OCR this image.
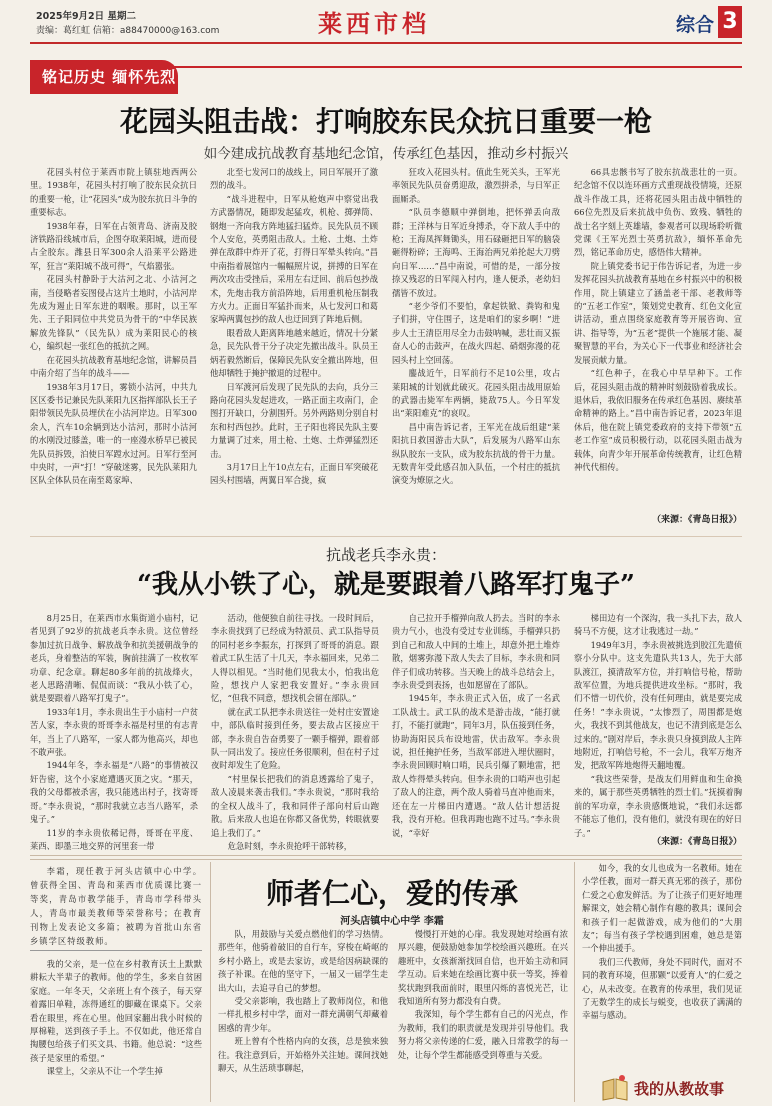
2025年9月2日 星期二
责编：葛红虹 信箱：a88470000@163.com	莱西市档	综合 3
铭记历史 缅怀先烈
花园头阻击战：打响胶东民众抗日重要一枪
如今建成抗战教育基地纪念馆，传承红色基因，推动乡村振兴

花园头村位于莱西市院上镇驻地西两公里。1938年，花园头村打响了胶东民众抗日的重要一枪，让“花园头”成为胶东抗日斗争的重要标志。

1938年春，日军在占领青岛、济南及胶济铁路沿线城市后，企图夺取莱阳城，进而侵占全胶东。潍县日军300余人沿莱平公路进军，狂言“莱阳城不战可得”，气焰嚣张。

花园头村静卧于大沽河之北、小沽河之南，当侵略者妄图侵占这片土地时，小沽河岸先成为遏止日军东进的咽喉。那时，以王军先、王子阳同位中共党员为骨干的“中华民族解放先锋队”（民先队）成为莱阳民心的核心，编织起一张红色的抵抗之网。

在花园头抗战教育基地纪念馆，讲解员昌中南介绍了当年的战斗——

1938年3月17日，雾锁小沽河，中共九区区委书记兼民先队莱阳九区指挥部队长王子阳带领民先队员埋伏在小沽河岸边。日军300余人，汽车10余辆到达小沽河，那时小沽河的水刚没过膝盖，唯一的一座漫水桥早已被民先队员拆毁，泊使日军蹚水过河。日军行至河中央时，一声“打！”穿破迷雾，民先队莱阳九区队全体队员在南至葛家埠、

北至七发河口的战线上，同日军展开了激烈的战斗。

“战斗进程中，日军从枪炮声中察觉出我方武器情况，随即发起猛攻，机枪、掷弹筒、钢炮一齐向我方阵地猛扫猛炸。民先队员不顾个人安危，英勇阻击敌人。土枪、土炮、土炸弹在敌群中炸开了花，打得日军晕头转向。”昌中南指着展馆内一幅幅照片说，拼搏的日军在两次攻击受挫后，采用左右迂回、前后包抄战术，先炮击我方前沿阵地，后用重机枪压制我方火力。正面日军猛扑而来，从七发河口和葛家埠两翼包抄的敌人也迂回到了阵地后侧。

眼看敌人距离阵地越来越近，情况十分紧急，民先队骨干分子决定先撤出战斗。队员王炳若毅然断后，保障民先队安全撤出阵地，但他却牺牲于掩护撤退的过程中。

日军渡河后发现了民先队的去向，兵分三路向花园头发起进攻，一路正面主攻南门，企图打开缺口，分割围歼。另外两路则分别自村东和村西包抄。此时，王子阳也将民先队主要力量调了过来，用土枪、土炮、土炸弹猛烈还击。

3月17日上午10点左右，正面日军突破花园头村围墙，两翼日军合拢，疯

狂攻入花园头村。值此生死关头，王军光率领民先队员奋勇迎敌，激烈拼杀，与日军正面厮杀。

“队员李德顺中弹倒地，把怀弹丢向敌群；王洋林与日军近身搏杀，夺下敌人手中的枪；王海凤挥舞锄头，用石碌砸把日军的脑袋砸得粉碎；王海鸣、王海治两兄弟抡起大刀劈向日军……”昌中南说，可惜的是，一部分按捺又残忍的日军闯入村内，逢人便杀，老幼妇孺皆不放过。

“老少爷们不要怕，拿起铁锨、粪钩和鬼子们拼，守住围子，这是咱们的家乡啊！”进步人士王清臣用尽全力击鼓呐喊，悲壮而又振奋人心的击鼓声，在战火四起、硝烟弥漫的花园头村上空回荡。

鏖战近午，日军前行不足10公里，攻占莱阳城的计划就此破灭。花园头阻击战用原始的武器击毙军车两辆，毙敌75人。今日军发出“莱阳难克”的哀叹。

昌中南告诉记者，王军光在战后组建“莱阳抗日救国游击大队”，后发展为八路军山东纵队胶东一支队，成为胶东抗战的骨干力量。无数青年受此感召加入队伍，一个村庄的抵抗演变为燎原之火。

66具忠骸书写了胶东抗战悲壮的一页。纪念馆不仅以连环画方式重现战役情境，还原战斗作战工具，还将花园头阻击战中牺牲的66位先烈及后来抗战中负伤、致残、牺牲的战士名字刻上英雄墙，参观者可以现场聆听微党课《王军光烈士英勇抗敌》，缅怀革命先烈，铭记革命历史，感悟伟大精神。

院上镇党委书记于伟告诉记者，为进一步发挥花园头抗战教育基地在乡村振兴中的积极作用，院上镇建立了涵盖老干部、老教师等的“五老工作室”，策划党史教育、红色文化宣讲活动，重点围绕家庭教育等开展咨询、宣讲、指导等，为“五老”提供一个施展才能、凝聚智慧的平台，为关心下一代事业和经济社会发展贡献力量。

“红色种子，在我心中早早种下。工作后，花园头阻击战的精神时刻鼓励着我成长。退休后，我依旧服务在传承红色基因、赓续革命精神的路上。”昌中南告诉记者，2023年退休后，他在院上镇党委政府的支持下带领“五老工作室”成员积极行动，以花园头阻击战为载体，向青少年开展革命传统教育，让红色精神代代相传。

（来源：《青岛日报》）
抗战老兵李永贵：
“我从小铁了心，就是要跟着八路军打鬼子”

8月25日，在莱西市水集街道小庙村，记者见到了92岁的抗战老兵李永贵。这位曾经参加过抗日战争、解放战争和抗美援朝战争的老兵，身着整洁的军装，胸前挂满了一枚枚军功章、纪念章。聊起80多年前的抗战烽火，老人思路清晰、侃侃而谈：“我从小铁了心，就是要跟着八路军打鬼子”。

1933年1月，李永贵出生于小庙村一户贫苦人家，李永贵的哥哥李永福是村里的有志青年，当上了八路军，一家人都为他高兴，却也不敢声张。

1944年冬，李永福是“八路”的事情被汉奸告密，这个小家庭遭遇灭顶之灾。“那天，我的父母都被杀害，我只能逃出村子，找寄哥哥。”李永贵说，“那时我就立志当八路军，杀鬼子。”

11岁的李永贵依稀记得，哥哥在平度、莱西、即墨三地交界的河里套一带

活动，他便独自前往寻找。一段时间后，李永贵找到了已经成为特派员、武工队指导员的同村老乡李振东，打探到了哥哥的消息。跟着武工队生活了十几天，李永福回来，兄弟二人得以相见。“当时他们见我太小，怕我出危险，想找户人家把我安置好。”李永贵回忆，“但我不同意，想找机会留在部队。”

就在武工队把李永贵送往一处村庄安置途中，部队临时接到任务，要去敌占区接应干部，李永贵自告奋勇要了一颗手榴弹，跟着部队一同出发了。接应任务很顺利，但在村子过夜时却发生了危险。

“村里保长把我们的消息透露给了鬼子，敌人凌晨来袭击我们。”李永贵说，“那时我给的全权人战斗了，我和同伴子部向村后山跑散。后来敌人也追在你都又备优势，转眼就要追上我们了。”

危急时刻，李永贵抢呼干部转移，

自己拉开手榴弹向敌人扔去。当时的李永贵力气小，也没有受过专业训练，手榴弹只扔到自己和敌人中间的土堆上，却意外把土堆炸散，烟雾弥漫下敌人失去了目标，李永贵和同伴子们成功转移。当天晚上的战斗总结会上，李永贵受到表扬，也如愿留在了部队。

1945年，李永贵正式入伍，成了一名武工队战士。武工队的战术是游击战，“能打就打，不能打就跑”，同年3月，队伍接到任务，协助海阳民兵布设地雷，伏击敌军。李永贵说，担任掩护任务，当敌军部进入埋伏圈时，李永贵回顾时响口哨，民兵引爆了颗地雷，把敌人炸得晕头转向。但李永贵的口哨声也引起了敌人的注意，两个敌人骑着马直冲他而来，还在左一片梯田内遭遇。“敌人估计想活捉我，没有开枪。但我再跑也跑不过马。”李永贵说，“幸好

梯田边有一个深沟，我一头扎下去，敌人骑马不方便，这才让我逃过一劫。”

1949年3月，李永贵被挑选到胶江先遣侦察小分队中。这支先遣队共13人，先于大部队渡江，摸清敌军方位，并打响信号枪，帮助敌军位置，为地兵提供进攻坐标。“那时，我们不惜一切代价，没有任何理由，就是要完成任务！”李永贵说，“太惨烈了，周围都是炮火，我找不到其他战友，也记不清到底是怎么过来的。”剧对岸后，李永贵只身摸到敌人主阵地附近，打响信号枪，不一会儿，我军万炮齐发，把敌军阵地炮得天翻地覆。

“我这些荣誉，是战友们用鲜血和生命换来的，属于那些英勇牺牲的烈士们。”抚摸着胸前的军功章，李永贵感慨地说，“我们永远都不能忘了他们，没有他们，就没有现在的好日子。”

（来源：《青岛日报》）

李霜，现任教于河头店镇中心中学。曾获得全国、青岛和莱西市优质课比赛一等奖，青岛市教学能手，青岛市学科带头人，青岛市最美教师等荣誉称号；在教育刊物上发表论文多篇；被聘为首批山东省乡镇学区特级教师。

师者仁心，爱的传承
河头店镇中心中学 李霜

我的父亲，是一位在乡村教育沃土上默默耕耘大半辈子的教师。他的学生，多来自贫困家庭。一年冬天，父亲班上有个孩子，每天穿着露旧单鞋，冻得通红的脚藏在课桌下。父亲看在眼里，疼在心里。他回家翻出我小时候的厚棉鞋，送到孩子手上。不仅如此，他还常自掏腰包给孩子们买文具、书籍。他总说：“这些孩子是家里的希望。”

课堂上，父亲从不让一个学生掉

队，用鼓励与关爱点燃他们的学习热情。那些年，他骑着破旧的自行车，穿梭在崎岖的乡村小路上，或是去家访，或是给因病缺课的孩子补课。在他的坚守下，一届又一届学生走出大山，去追寻自己的梦想。

受父亲影响，我也踏上了教师岗位，和他一样扎根乡村中学，面对一群充满朝气却藏着困惑的青少年。

班上曾有个性格内向的女孩，总是独来独往。我注意到后，开始格外关注她。课间找她聊天，从生活琐事聊起，

慢慢打开她的心扉。我发现她对绘画有浓厚兴趣，便鼓励她参加学校绘画兴趣班。在兴趣班中，女孩渐渐找回自信，也开始主动和同学互动。后来她在绘画比赛中获一等奖，捧着奖状跑到我面前时，眼里闪烁的喜悦光芒，让我知道所有努力都没有白费。

我深知，每个学生都有自己的闪光点，作为教师，我们的职责就是发现并引导他们。我努力将父亲传递的仁爱，融入日常教学的每一处，让每个学生都能感受到尊重与关爱。

如今，我的女儿也成为一名教师。她在小学任教，面对一群天真无邪的孩子，那份仁爱之心愈发鲜活。为了让孩子们更好地理解课文，她会精心制作有趣的教具；课间会和孩子们一起做游戏，成为他们的“大朋友”；每当有孩子学校遇到困难，她总是第一个伸出援手。

我们三代教师，身处不同时代，面对不同的教育环境，但那颗“以爱育人”的仁爱之心，从未改变。在教育的传承里，我们见证了无数学生的成长与蜕变，也收获了满满的幸福与感动。

我的从教故事
